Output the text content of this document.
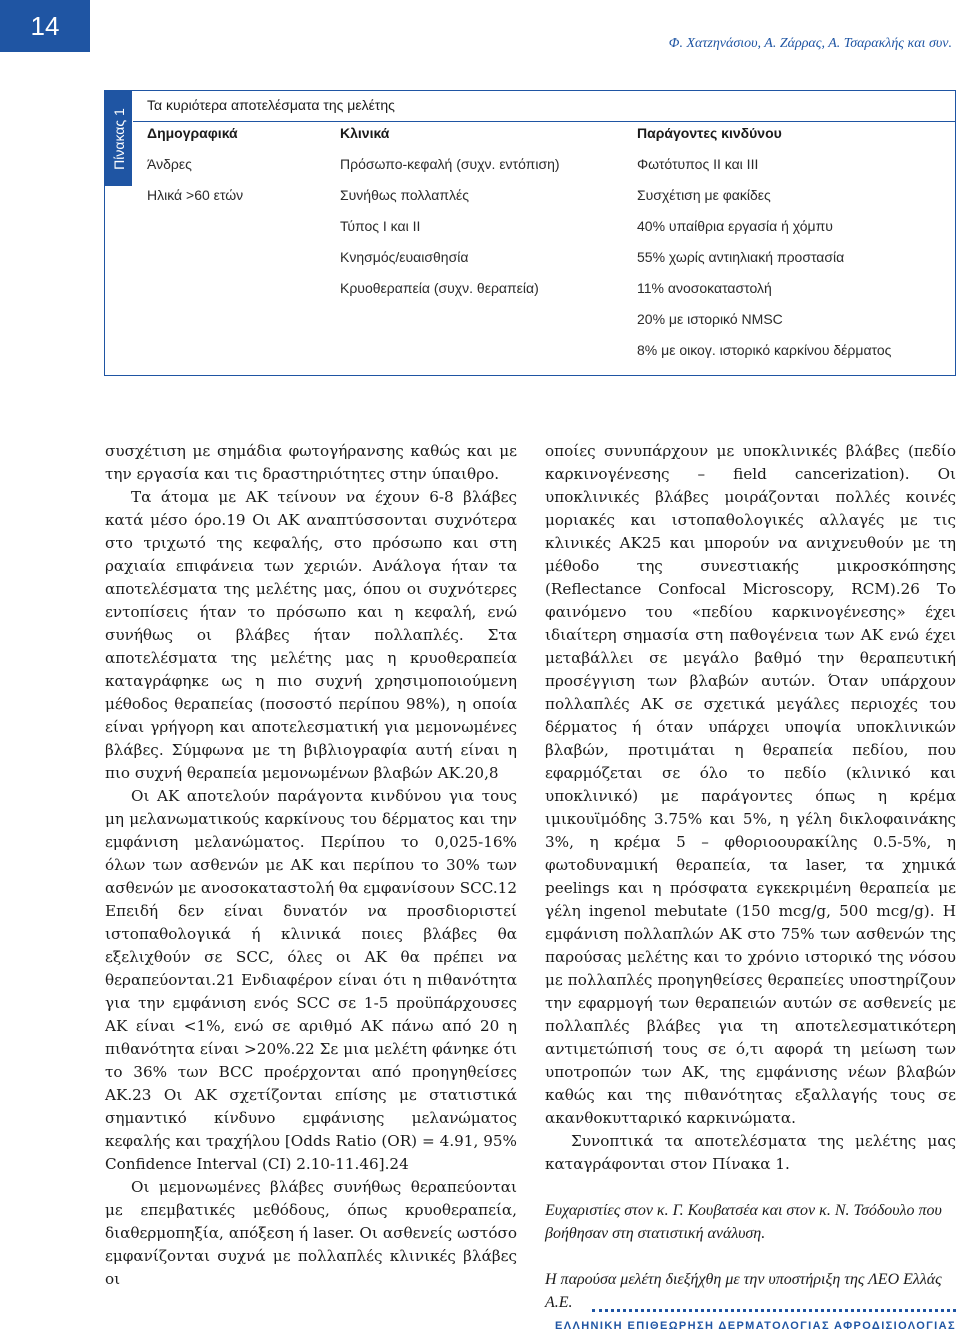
14
Φ. Χατzηνάσιου, Α. Ζάρρας, Α. Τσαρακλής και συν.
Πίνακας 1
Τα κυριότερα αποτελέσματα της μελέτης
Δημογραφικά
Άνδρες
Ηλικά >60 ετών
Κλινικά
Πρόσωπο-κεφαλή (συχν. εντόπιση)
Συνήθως πολλαπλές
Τύπος Ι και ΙΙ
Κνησμός/ευαισθησία
Κρυοθεραπεία (συχν. θεραπεία)
Παράγοντες κινδύνου
Φωτότυπος ΙΙ και ΙΙΙ
Συσχέτιση με φακίδες
40% υπαίθρια εργασία ή χόμπυ
55% χωρίς αντιηλιακή προστασία
11% ανοσοκαταστολή
20% με ιστορικό NMSC
8% με οικογ. ιστορικό καρκίνου δέρματος

συσχέτιση με σημάδια φωτογήρανσης καθώς και με την εργασία και τις δραστηριότητες στην ύπαιθρο.

Τα άτομα με ΑΚ τείνουν να έχουν 6-8 βλάβες κατά μέσο όρο.19 Οι ΑΚ αναπτύσσονται συχνότερα στο τριχωτό της κεφαλής, στο πρόσωπο και στη ραχιαία επιφάνεια των χεριών. Ανάλογα ήταν τα αποτελέσματα της μελέτης μας, όπου οι συχνότερες εντοπίσεις ήταν το πρόσωπο και η κεφαλή, ενώ συνήθως οι βλάβες ήταν πολλαπλές. Στα αποτελέσματα της μελέτης μας η κρυοθεραπεία καταγράφηκε ως η πιο συχνή χρησιμοποιούμενη μέθοδος θεραπείας (ποσοστό περίπου 98%), η οποία είναι γρήγορη και αποτελεσματική για μεμονωμένες βλάβες. Σύμφωνα με τη βιβλιογραφία αυτή είναι η πιο συχνή θεραπεία μεμονωμένων βλαβών ΑΚ.20,8

Οι ΑΚ αποτελούν παράγοντα κινδύνου για τους μη μελανωματικούς καρκίνους του δέρματος και την εμφάνιση μελανώματος. Περίπου το 0,025-16% όλων των ασθενών με ΑΚ και περίπου το 30% των ασθενών με ανοσοκαταστολή θα εμφανίσουν SCC.12 Επειδή δεν είναι δυνατόν να προσδιοριστεί ιστοπαθολογικά ή κλινικά ποιες βλάβες θα εξελιχθούν σε SCC, όλες οι ΑΚ θα πρέπει να θεραπεύονται.21 Ενδιαφέρον είναι ότι η πιθανότητα για την εμφάνιση ενός SCC σε 1-5 προϋπάρχουσες ΑΚ είναι <1%, ενώ σε αριθμό ΑΚ πάνω από 20 η πιθανότητα είναι >20%.22 Σε μια μελέτη φάνηκε ότι το 36% των BCC προέρχονται από προηγηθείσες ΑΚ.23 Οι ΑΚ σχετίζονται επίσης με στατιστικά σημαντικό κίνδυνο εμφάνισης μελανώματος κεφαλής και τραχήλου [Odds Ratio (OR) = 4.91, 95% Confidence Interval (CI) 2.10-11.46].24

Οι μεμονωμένες βλάβες συνήθως θεραπεύονται με επεμβατικές μεθόδους, όπως κρυοθεραπεία, διαθερμοπηξία, απόξεση ή laser. Οι ασθενείς ωστόσο εμφανίζονται συχνά με πολλαπλές κλινικές βλάβες οι

οποίες συνυπάρχουν με υποκλινικές βλάβες (πεδίο καρκινογένεσης – field cancerization). Οι υποκλινικές βλάβες μοιράζονται πολλές κοινές μοριακές και ιστοπαθολογικές αλλαγές με τις κλινικές ΑΚ25 και μπορούν να ανιχνευθούν με τη μέθοδο της συνεστιακής μικροσκόπησης (Reflectance Confocal Microscopy, RCM).26 Το φαινόμενο του «πεδίου καρκινογένεσης» έχει ιδιαίτερη σημασία στη παθογένεια των ΑΚ ενώ έχει μεταβάλλει σε μεγάλο βαθμό την θεραπευτική προσέγγιση των βλαβών αυτών. Όταν υπάρχουν πολλαπλές ΑΚ σε σχετικά μεγάλες περιοχές του δέρματος ή όταν υπάρχει υποψία υποκλινικών βλαβών, προτιμάται η θεραπεία πεδίου, που εφαρμόζεται σε όλο το πεδίο (κλινικό και υποκλινικό) με παράγοντες όπως η κρέμα ιμικουϊμόδης 3.75% και 5%, η γέλη δικλοφαινάκης 3%, η κρέμα 5 – φθοριοουρακίλης 0.5-5%, η φωτοδυναμική θεραπεία, τα laser, τα χημικά peelings και η πρόσφατα εγκεκριμένη θεραπεία με γέλη ingenol mebutate (150 mcg/g, 500 mcg/g). Η εμφάνιση πολλαπλών ΑΚ στο 75% των ασθενών της παρούσας μελέτης και το χρόνιο ιστορικό της νόσου με πολλαπλές προηγηθείσες θεραπείες υποστηρίζουν την εφαρμογή των θεραπειών αυτών σε ασθενείς με πολλαπλές βλάβες για τη αποτελεσματικότερη αντιμετώπισή τους σε ό,τι αφορά τη μείωση των υποτροπών των ΑΚ, της εμφάνισης νέων βλαβών καθώς και της πιθανότητας εξαλλαγής τους σε ακανθοκυτταρικό καρκινώματα.

Συνοπτικά τα αποτελέσματα της μελέτης μας καταγράφονται στον Πίνακα 1.

Ευχαριστίες στον κ. Γ. Κουβατσέα και στον κ. Ν. Τσόδουλο που βοήθησαν στη στατιστική ανάλυση.

Η παρούσα μελέτη διεξήχθη με την υποστήριξη της ΛΕΟ Ελλάς Α.Ε.

ΕΛΛΗΝΙΚΗ ΕΠΙΘΕΩΡΗΣΗ ΔΕΡΜΑΤΟΛΟΓΙΑΣ ΑΦΡΟΔΙΣΙΟΛΟΓΙΑΣ
